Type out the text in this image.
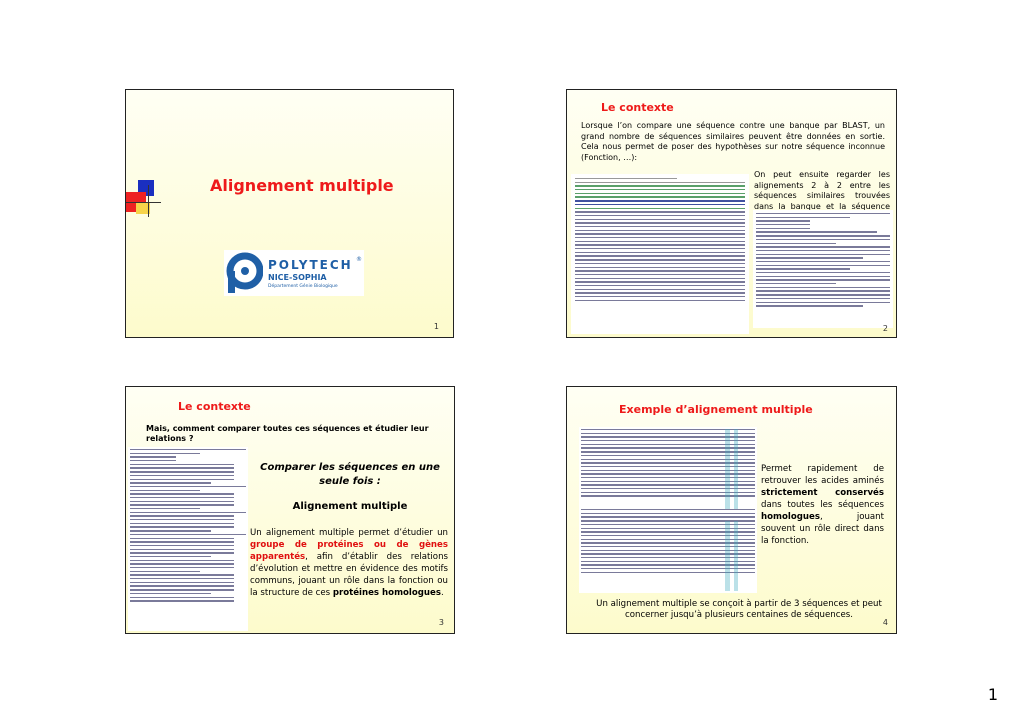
Alignement multiple
POLYTECH ®
NICE-SOPHIA
Département Génie Biologique
1
Le contexte
Lorsque l’on compare une séquence contre une banque par BLAST, un grand nombre de séquences similaires peuvent être données en sortie. Cela nous permet de poser des hypothèses sur notre séquence inconnue (Fonction, …):
On peut ensuite regarder les alignements 2 à 2 entre les séquences similaires trouvées dans la banque et la séquence
2
Le contexte
Mais, comment comparer toutes ces séquences et étudier leur relations ?
Comparer les séquences en une seule fois :
Alignement multiple
Un alignement multiple permet d’étudier un groupe de protéines ou de gènes apparentés, afin d’établir des relations d’évolution et mettre en évidence des motifs communs, jouant un rôle dans la fonction ou la structure de ces protéines homologues.
3
Exemple d’alignement multiple
Permet rapidement de retrouver les acides aminés strictement conservés dans toutes les séquences homologues, jouant souvent un rôle direct dans la fonction.
Un alignement multiple se conçoit à partir de 3 séquences et peut concerner jusqu’à plusieurs centaines de séquences.
4
1
